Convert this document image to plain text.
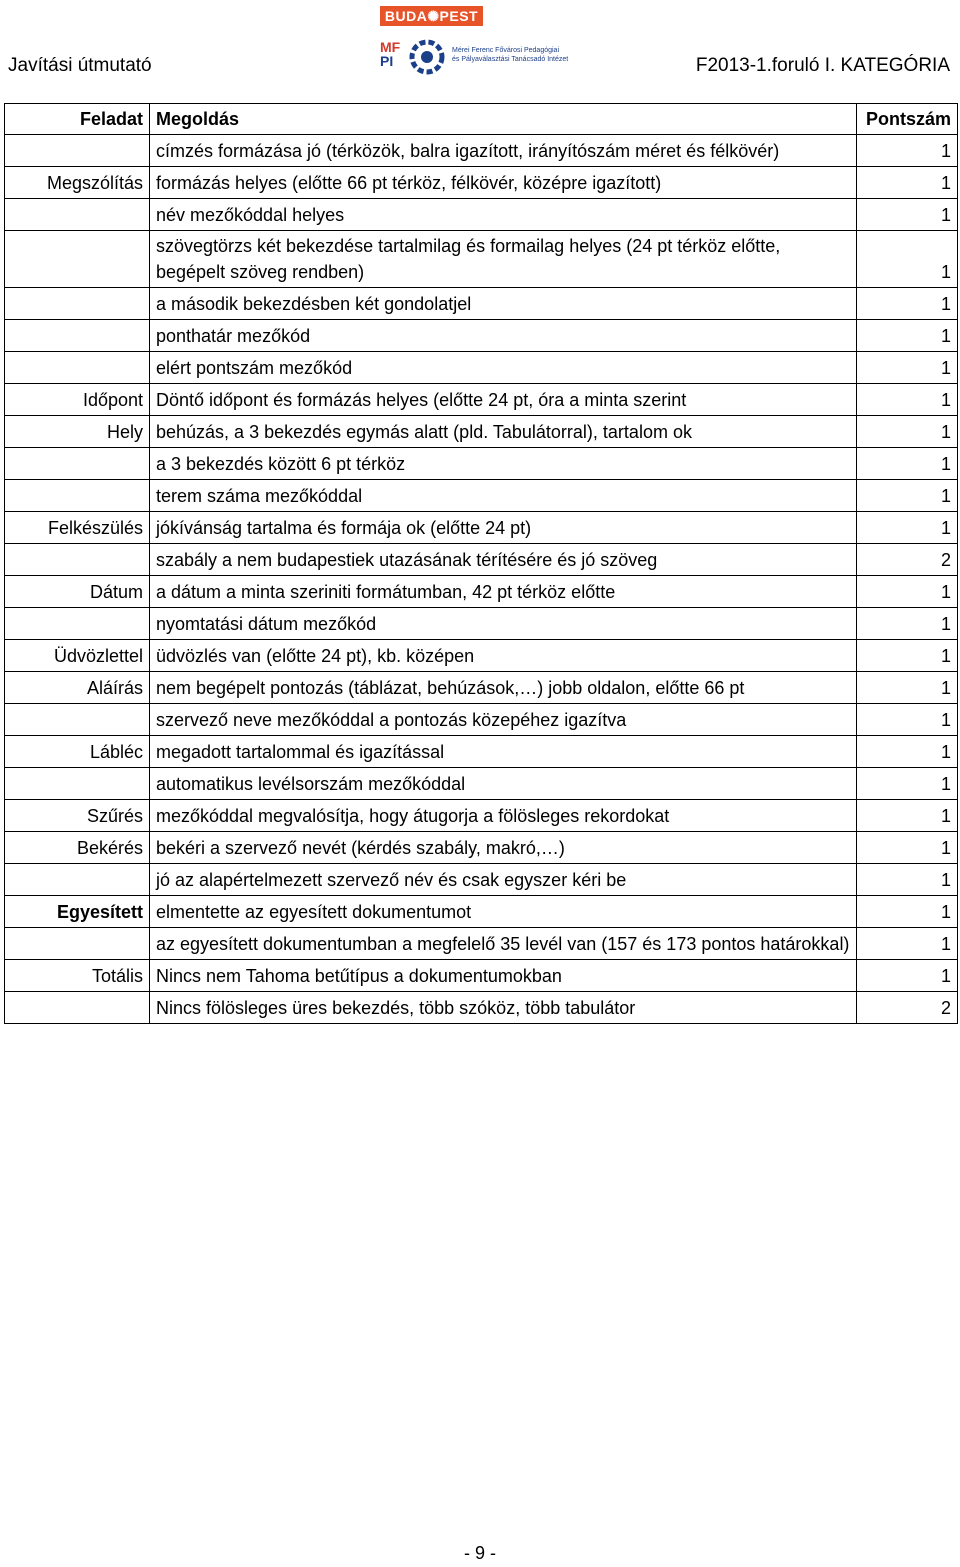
Javítási útmutató
BUDA✺PEST
MF
PI
Mérei Ferenc Fővárosi Pedagógiai
és Pályaválasztási Tanácsadó Intézet	F2013-1.foruló I. KATEGÓRIA
Feladat	Megoldás	Pontszám
	címzés formázása jó (térközök, balra igazított, irányítószám méret és félkövér)	1
Megszólítás	formázás helyes (előtte 66 pt térköz, félkövér, középre igazított)	1
	név mezőkóddal helyes	1
	szövegtörzs két bekezdése tartalmilag és formailag helyes (24 pt térköz előtte, begépelt szöveg rendben)	1
	a második bekezdésben két gondolatjel	1
	ponthatár mezőkód	1
	elért pontszám mezőkód	1
Időpont	Döntő időpont és formázás helyes (előtte 24 pt, óra a minta szerint	1
Hely	behúzás, a 3 bekezdés egymás alatt (pld. Tabulátorral), tartalom ok	1
	a 3 bekezdés között 6 pt térköz	1
	terem száma mezőkóddal	1
Felkészülés	jókívánság tartalma és formája ok (előtte 24 pt)	1
	szabály a nem budapestiek utazásának térítésére és jó szöveg	2
Dátum	a dátum a minta szeriniti formátumban, 42 pt térköz előtte	1
	nyomtatási dátum mezőkód	1
Üdvözlettel	üdvözlés van (előtte 24 pt), kb. középen	1
Aláírás	nem begépelt pontozás (táblázat, behúzások,…) jobb oldalon, előtte 66 pt	1
	szervező neve mezőkóddal a pontozás közepéhez igazítva	1
Lábléc	megadott tartalommal és igazítással	1
	automatikus levélsorszám mezőkóddal	1
Szűrés	mezőkóddal megvalósítja, hogy átugorja a fölösleges rekordokat	1
Bekérés	bekéri a szervező nevét (kérdés szabály, makró,…)	1
	jó az alapértelmezett szervező név és csak egyszer kéri be	1
Egyesített	elmentette az egyesített dokumentumot	1
	az egyesített dokumentumban a megfelelő 35 levél van (157 és 173 pontos határokkal)	1
Totális	Nincs nem Tahoma betűtípus a dokumentumokban	1
	Nincs fölösleges üres bekezdés, több szóköz, több tabulátor	2
- 9 -
